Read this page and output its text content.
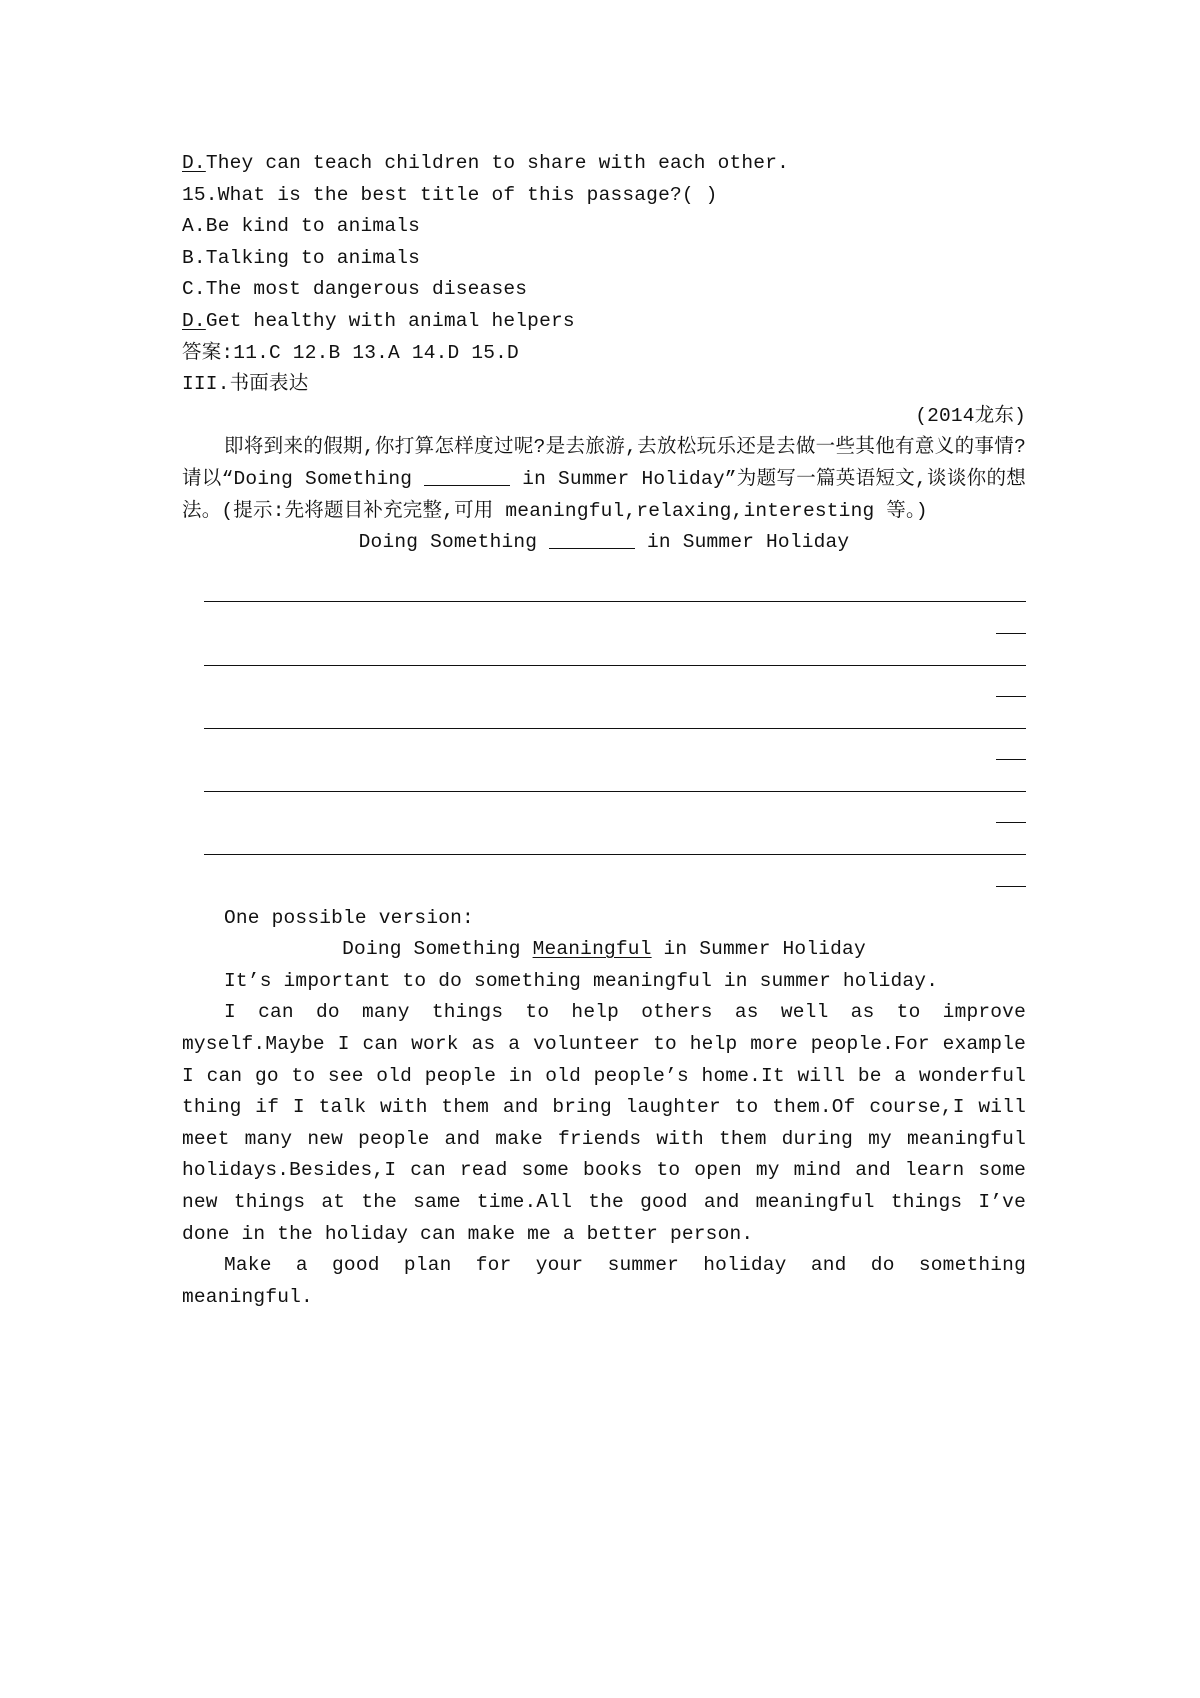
D.They can teach children to share with each other.
15.What is the best title of this passage?( )
A.Be kind to animals
B.Talking to animals
C.The most dangerous diseases
D.Get healthy with animal helpers
答案:11.C 12.B 13.A 14.D 15.D
III.书面表达
(2014龙东)
即将到来的假期,你打算怎样度过呢?是去旅游,去放松玩乐还是去做一些其他有意义的事情?请以“Doing Something	in Summer Holiday”为题写一篇英语短文,谈谈你的想法。(提示:先将题目补充完整,可用 meaningful,relaxing,interesting 等。)
Doing Something	in Summer Holiday
One possible version:
Doing Something Meaningful in Summer Holiday
It’s important to do something meaningful in summer holiday.
I can do many things to help others as well as to improve myself.Maybe I can work as a volunteer to help more people.For example I can go to see old people in old people’s home.It will be a wonderful thing if I talk with them and bring laughter to them.Of course,I will meet many new people and make friends with them during my meaningful holidays.Besides,I can read some books to open my mind and learn some new things at the same time.All the good and meaningful things I’ve done in the holiday can make me a better person.
Make a good plan for your summer holiday and do something meaningful.
